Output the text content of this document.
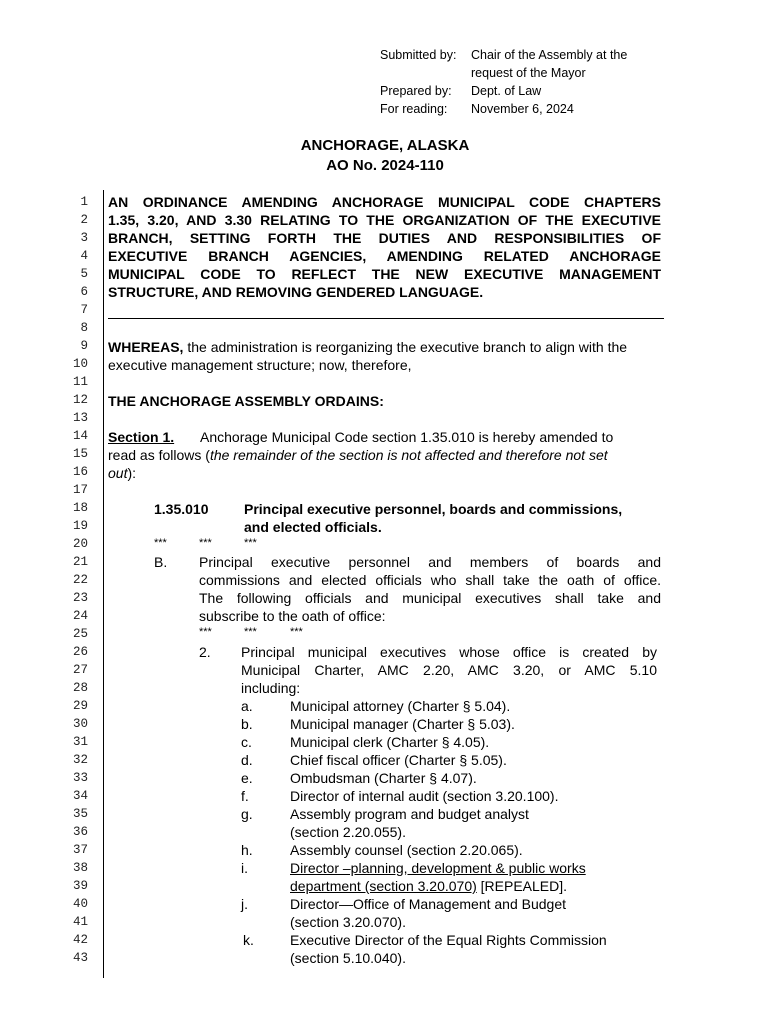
Submitted by: Chair of the Assembly at the
request of the Mayor
Prepared by: Dept. of Law
For reading: November 6, 2024
ANCHORAGE, ALASKA
AO No. 2024-110
1
2
3
4
5
6
7
8
9
10
11
12
13
14
15
16
17
18
19
20
21
22
23
24
25
26
27
28
29
30
31
32
33
34
35
36
37
38
39
40
41
42
43
AN ORDINANCE AMENDING ANCHORAGE MUNICIPAL CODE CHAPTERS
1.35, 3.20, AND 3.30 RELATING TO THE ORGANIZATION OF THE EXECUTIVE
BRANCH, SETTING FORTH THE DUTIES AND RESPONSIBILITIES OF
EXECUTIVE BRANCH AGENCIES, AMENDING RELATED ANCHORAGE
MUNICIPAL CODE TO REFLECT THE NEW EXECUTIVE MANAGEMENT
STRUCTURE, AND REMOVING GENDERED LANGUAGE.
WHEREAS, the administration is reorganizing the executive branch to align with the
executive management structure; now, therefore,
THE ANCHORAGE ASSEMBLY ORDAINS:
Section 1. Anchorage Municipal Code section 1.35.010 is hereby amended to
read as follows (the remainder of the section is not affected and therefore not set
out):
1.35.010	Principal executive personnel, boards and commissions,
and elected officials.
***	***	***
B. Principal executive personnel and members of boards and
commissions and elected officials who shall take the oath of office.
The following officials and municipal executives shall take and
subscribe to the oath of office:
***	***	***
2. Principal municipal executives whose office is created by
Municipal Charter, AMC 2.20, AMC 3.20, or AMC 5.10
including:
a.	Municipal attorney (Charter § 5.04).
b.	Municipal manager (Charter § 5.03).
c.	Municipal clerk (Charter § 4.05).
d.	Chief fiscal officer (Charter § 5.05).
e.	Ombudsman (Charter § 4.07).
f.	Director of internal audit (section 3.20.100).
g.	Assembly program and budget analyst
(section 2.20.055).
h.	Assembly counsel (section 2.20.065).
i.	Director –planning, development & public works
department (section 3.20.070) [REPEALED].
j.	Director—Office of Management and Budget
(section 3.20.070).
k.	Executive Director of the Equal Rights Commission
(section 5.10.040).
